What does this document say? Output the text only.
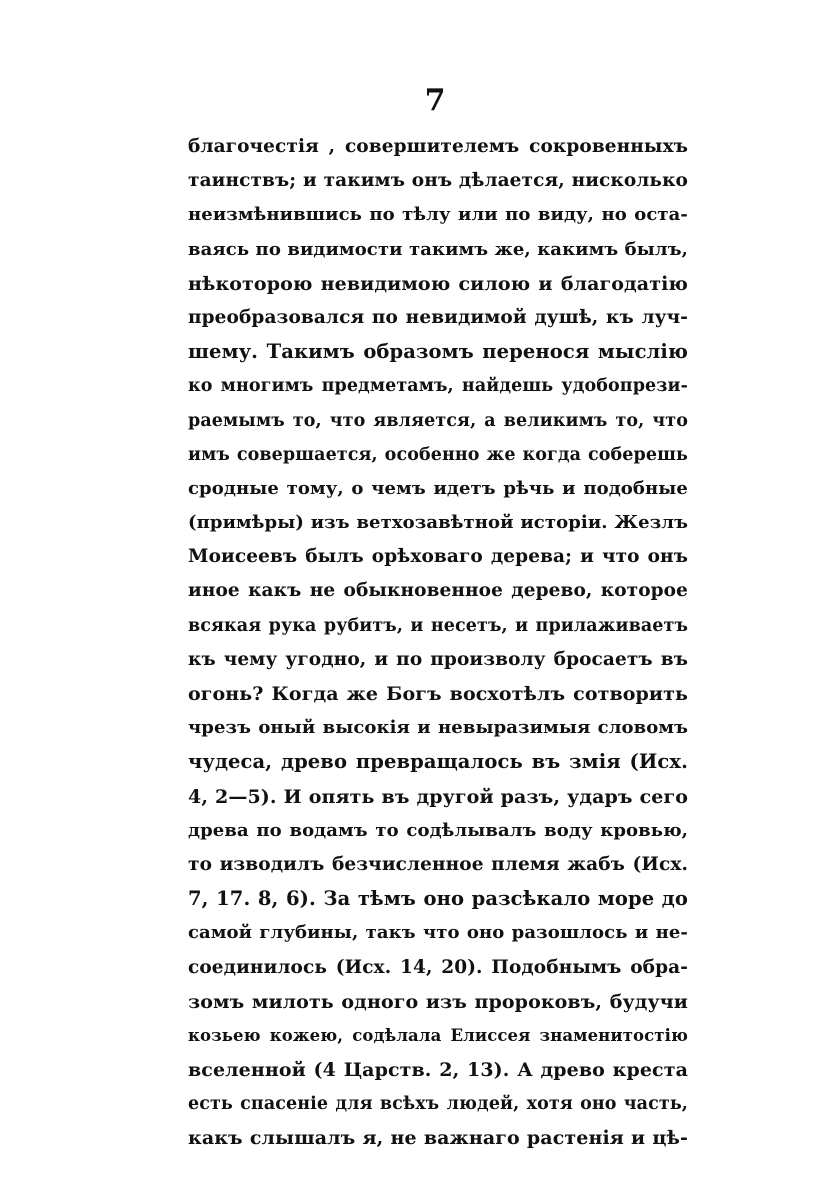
7
благочестія , совершителемъ сокровенныхъ
таинствъ; и такимъ онъ дѣлается, нисколько
неизмѣнившись по тѣлу или по виду, но оста-
ваясь по видимости такимъ же, какимъ былъ,
нѣкоторою невидимою силою и благодатію
преобразовался по невидимой душѣ, къ луч-
шему. Такимъ образомъ перенося мыслію
ко многимъ предметамъ, найдешь удобопрези-
раемымъ то, что является, а великимъ то, что
имъ совершается, особенно же когда соберешь
сродные тому, о чемъ идетъ рѣчь и подобные
(примѣры) изъ ветхозавѣтной исторіи. Жезлъ
Моисеевъ былъ орѣховаго дерева; и что онъ
иное какъ не обыкновенное дерево, которое
всякая рука рубитъ, и несетъ, и прилаживаетъ
къ чему угодно, и по произволу бросаетъ въ
огонь? Когда же Богъ восхотѣлъ сотворить
чрезъ оный высокія и невыразимыя словомъ
чудеса, древо превращалось въ змія (Исх.
4, 2—5). И опять въ другой разъ, ударъ сего
древа по водамъ то содѣлывалъ воду кровью,
то изводилъ безчисленное племя жабъ (Исх.
7, 17. 8, 6). За тѣмъ оно разсѣкало море до
самой глубины, такъ что оно разошлось и не-
соединилось (Исх. 14, 20). Подобнымъ обра-
зомъ милоть одного изъ пророковъ, будучи
козьею кожею, содѣлала Елиссея знаменитостію
вселенной (4 Царств. 2, 13). А древо креста
есть спасеніе для всѣхъ людей, хотя оно часть,
какъ слышалъ я, не важнаго растенія и цѣ-
